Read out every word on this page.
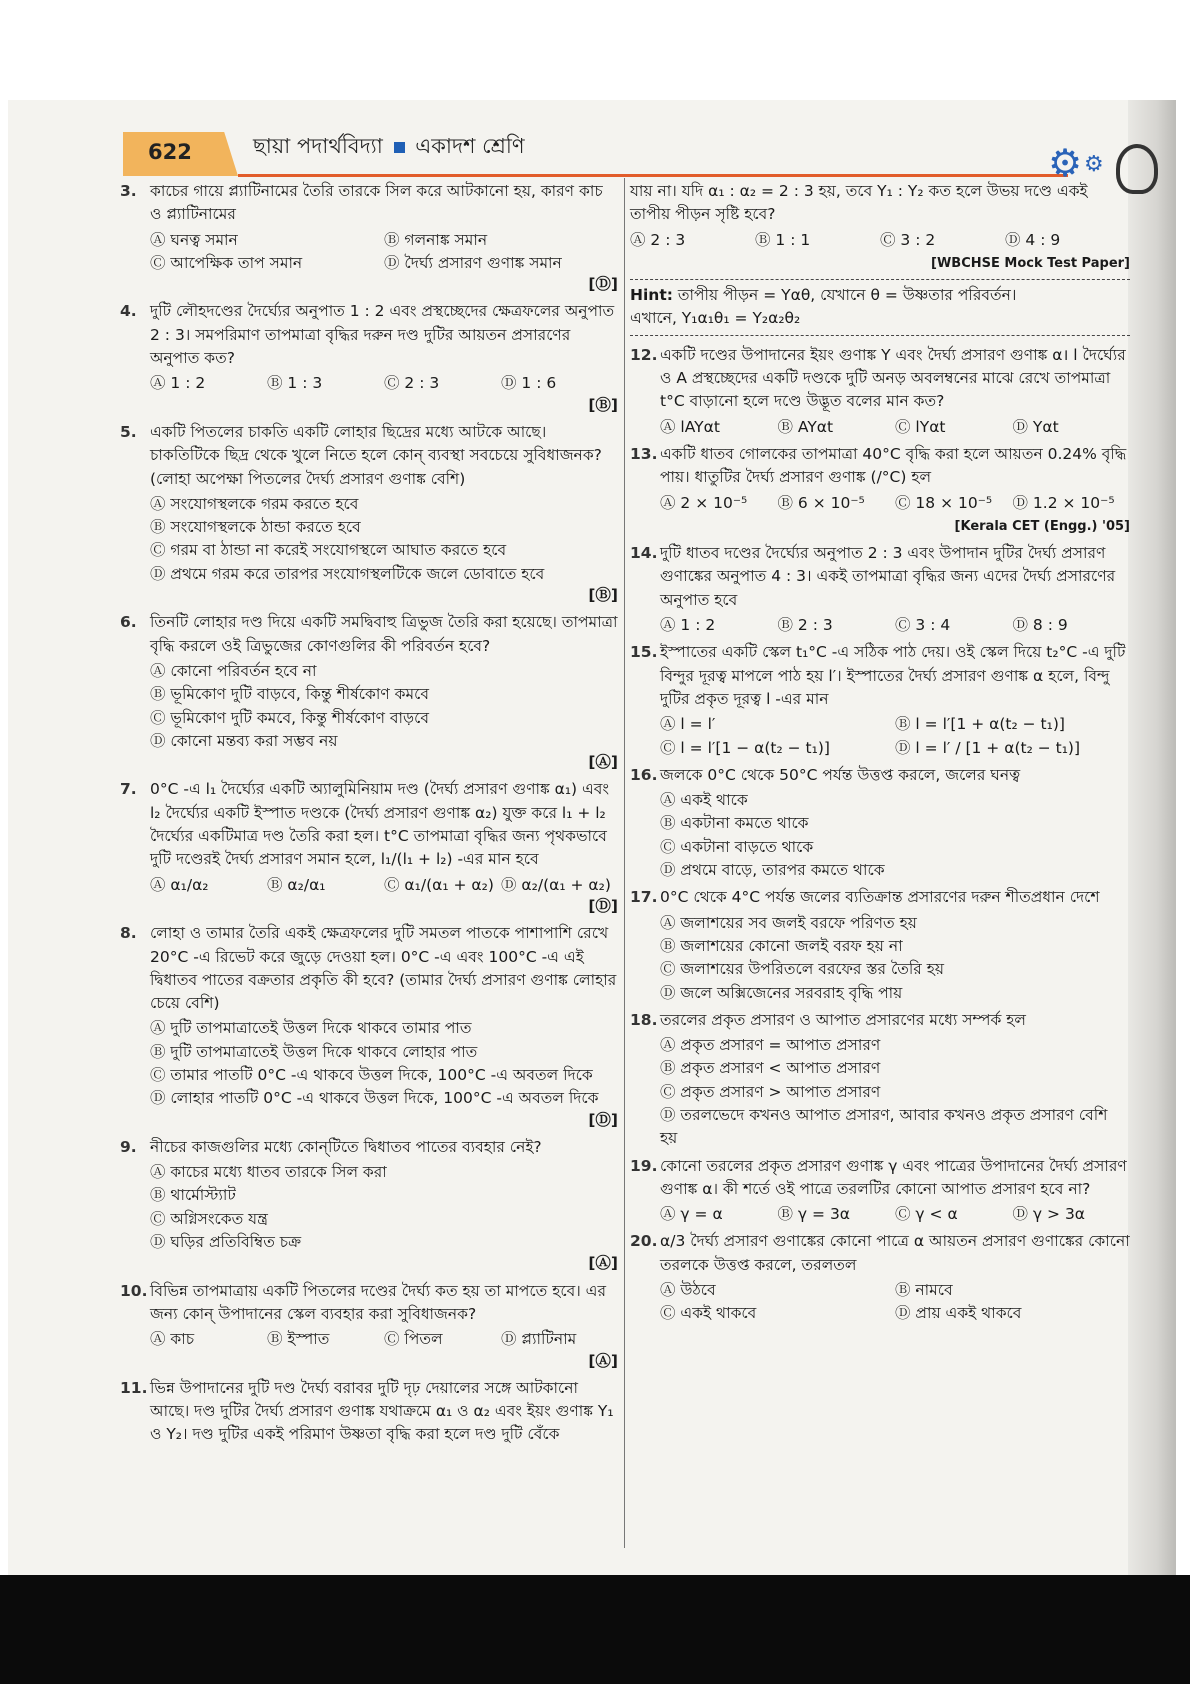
622	ছায়া পদার্থবিদ্যা একাদশ শ্রেণি	⚙ ⚙
3. কাচের গায়ে প্ল্যাটিনামের তৈরি তারকে সিল করে আটকানো হয়, কারণ কাচ ও প্ল্যাটিনামের
Ⓐ ঘনত্ব সমান	Ⓑ গলনাঙ্ক সমান
Ⓒ আপেক্ষিক তাপ সমান	Ⓓ দৈর্ঘ্য প্রসারণ গুণাঙ্ক সমান
[Ⓓ]
4. দুটি লৌহদণ্ডের দৈর্ঘ্যের অনুপাত 1 : 2 এবং প্রস্থচ্ছেদের ক্ষেত্রফলের অনুপাত 2 : 3। সমপরিমাণ তাপমাত্রা বৃদ্ধির দরুন দণ্ড দুটির আয়তন প্রসারণের অনুপাত কত?
Ⓐ 1 : 2	Ⓑ 1 : 3	Ⓒ 2 : 3	Ⓓ 1 : 6
[Ⓑ]
5. একটি পিতলের চাকতি একটি লোহার ছিদ্রের মধ্যে আটকে আছে। চাকতিটিকে ছিদ্র থেকে খুলে নিতে হলে কোন্ ব্যবস্থা সবচেয়ে সুবিধাজনক? (লোহা অপেক্ষা পিতলের দৈর্ঘ্য প্রসারণ গুণাঙ্ক বেশি)
Ⓐ সংযোগস্থলকে গরম করতে হবে
Ⓑ সংযোগস্থলকে ঠান্ডা করতে হবে
Ⓒ গরম বা ঠান্ডা না করেই সংযোগস্থলে আঘাত করতে হবে
Ⓓ প্রথমে গরম করে তারপর সংযোগস্থলটিকে জলে ডোবাতে হবে
[Ⓑ]
6. তিনটি লোহার দণ্ড দিয়ে একটি সমদ্বিবাহু ত্রিভুজ তৈরি করা হয়েছে। তাপমাত্রা বৃদ্ধি করলে ওই ত্রিভুজের কোণগুলির কী পরিবর্তন হবে?
Ⓐ কোনো পরিবর্তন হবে না
Ⓑ ভূমিকোণ দুটি বাড়বে, কিন্তু শীর্ষকোণ কমবে
Ⓒ ভূমিকোণ দুটি কমবে, কিন্তু শীর্ষকোণ বাড়বে
Ⓓ কোনো মন্তব্য করা সম্ভব নয়
[Ⓐ]
7. 0°C -এ l₁ দৈর্ঘ্যের একটি অ্যালুমিনিয়াম দণ্ড (দৈর্ঘ্য প্রসারণ গুণাঙ্ক α₁) এবং l₂ দৈর্ঘ্যের একটি ইস্পাত দণ্ডকে (দৈর্ঘ্য প্রসারণ গুণাঙ্ক α₂) যুক্ত করে l₁ + l₂ দৈর্ঘ্যের একটিমাত্র দণ্ড তৈরি করা হল। t°C তাপমাত্রা বৃদ্ধির জন্য পৃথকভাবে দুটি দণ্ডেরই দৈর্ঘ্য প্রসারণ সমান হলে, l₁/(l₁ + l₂) -এর মান হবে
Ⓐ α₁/α₂	Ⓑ α₂/α₁	Ⓒ α₁/(α₁ + α₂) Ⓓ α₂/(α₁ + α₂)
[Ⓓ]
8. লোহা ও তামার তৈরি একই ক্ষেত্রফলের দুটি সমতল পাতকে পাশাপাশি রেখে 20°C -এ রিভেট করে জুড়ে দেওয়া হল। 0°C -এ এবং 100°C -এ এই দ্বিধাতব পাতের বক্রতার প্রকৃতি কী হবে? (তামার দৈর্ঘ্য প্রসারণ গুণাঙ্ক লোহার চেয়ে বেশি)
Ⓐ দুটি তাপমাত্রাতেই উত্তল দিকে থাকবে তামার পাত
Ⓑ দুটি তাপমাত্রাতেই উত্তল দিকে থাকবে লোহার পাত
Ⓒ তামার পাতটি 0°C -এ থাকবে উত্তল দিকে, 100°C -এ অবতল দিকে
Ⓓ লোহার পাতটি 0°C -এ থাকবে উত্তল দিকে, 100°C -এ অবতল দিকে
[Ⓓ]
9. নীচের কাজগুলির মধ্যে কোন্‌টিতে দ্বিধাতব পাতের ব্যবহার নেই?
Ⓐ কাচের মধ্যে ধাতব তারকে সিল করা
Ⓑ থার্মোস্ট্যাট
Ⓒ অগ্নিসংকেত যন্ত্র
Ⓓ ঘড়ির প্রতিবিম্বিত চক্র
[Ⓐ]
10. বিভিন্ন তাপমাত্রায় একটি পিতলের দণ্ডের দৈর্ঘ্য কত হয় তা মাপতে হবে। এর জন্য কোন্ উপাদানের স্কেল ব্যবহার করা সুবিধাজনক?
Ⓐ কাচ	Ⓑ ইস্পাত	Ⓒ পিতল	Ⓓ প্ল্যাটিনাম
[Ⓐ]
11. ভিন্ন উপাদানের দুটি দণ্ড দৈর্ঘ্য বরাবর দুটি দৃঢ় দেয়ালের সঙ্গে আটকানো আছে। দণ্ড দুটির দৈর্ঘ্য প্রসারণ গুণাঙ্ক যথাক্রমে α₁ ও α₂ এবং ইয়ং গুণাঙ্ক Y₁ ও Y₂। দণ্ড দুটির একই পরিমাণ উষ্ণতা বৃদ্ধি করা হলে দণ্ড দুটি বেঁকে
যায় না। যদি α₁ : α₂ = 2 : 3 হয়, তবে Y₁ : Y₂ কত হলে উভয় দণ্ডে একই তাপীয় পীড়ন সৃষ্টি হবে?
Ⓐ 2 : 3	Ⓑ 1 : 1	Ⓒ 3 : 2	Ⓓ 4 : 9
[WBCHSE Mock Test Paper]
Hint: তাপীয় পীড়ন = Yαθ, যেখানে θ = উষ্ণতার পরিবর্তন।
এখানে, Y₁α₁θ₁ = Y₂α₂θ₂
12. একটি দণ্ডের উপাদানের ইয়ং গুণাঙ্ক Y এবং দৈর্ঘ্য প্রসারণ গুণাঙ্ক α। l দৈর্ঘ্যের ও A প্রস্থচ্ছেদের একটি দণ্ডকে দুটি অনড় অবলম্বনের মাঝে রেখে তাপমাত্রা t°C বাড়ানো হলে দণ্ডে উদ্ভূত বলের মান কত?
Ⓐ lAYαt	Ⓑ AYαt	Ⓒ lYαt	Ⓓ Yαt
13. একটি ধাতব গোলকের তাপমাত্রা 40°C বৃদ্ধি করা হলে আয়তন 0.24% বৃদ্ধি পায়। ধাতুটির দৈর্ঘ্য প্রসারণ গুণাঙ্ক (/°C) হল
Ⓐ 2 × 10⁻⁵	Ⓑ 6 × 10⁻⁵	Ⓒ 18 × 10⁻⁵	Ⓓ 1.2 × 10⁻⁵
[Kerala CET (Engg.) '05]
14. দুটি ধাতব দণ্ডের দৈর্ঘ্যের অনুপাত 2 : 3 এবং উপাদান দুটির দৈর্ঘ্য প্রসারণ গুণাঙ্কের অনুপাত 4 : 3। একই তাপমাত্রা বৃদ্ধির জন্য এদের দৈর্ঘ্য প্রসারণের অনুপাত হবে
Ⓐ 1 : 2	Ⓑ 2 : 3	Ⓒ 3 : 4	Ⓓ 8 : 9
15. ইস্পাতের একটি স্কেল t₁°C -এ সঠিক পাঠ দেয়। ওই স্কেল দিয়ে t₂°C -এ দুটি বিন্দুর দূরত্ব মাপলে পাঠ হয় l′। ইস্পাতের দৈর্ঘ্য প্রসারণ গুণাঙ্ক α হলে, বিন্দু দুটির প্রকৃত দূরত্ব l -এর মান
Ⓐ l = l′	Ⓑ l = l′[1 + α(t₂ − t₁)]
Ⓒ l = l′[1 − α(t₂ − t₁)]	Ⓓ l = l′ / [1 + α(t₂ − t₁)]
16. জলকে 0°C থেকে 50°C পর্যন্ত উত্তপ্ত করলে, জলের ঘনত্ব
Ⓐ একই থাকে
Ⓑ একটানা কমতে থাকে
Ⓒ একটানা বাড়তে থাকে
Ⓓ প্রথমে বাড়ে, তারপর কমতে থাকে
17. 0°C থেকে 4°C পর্যন্ত জলের ব্যতিক্রান্ত প্রসারণের দরুন শীতপ্রধান দেশে
Ⓐ জলাশয়ের সব জলই বরফে পরিণত হয়
Ⓑ জলাশয়ের কোনো জলই বরফ হয় না
Ⓒ জলাশয়ের উপরিতলে বরফের স্তর তৈরি হয়
Ⓓ জলে অক্সিজেনের সরবরাহ বৃদ্ধি পায়
18. তরলের প্রকৃত প্রসারণ ও আপাত প্রসারণের মধ্যে সম্পর্ক হল
Ⓐ প্রকৃত প্রসারণ = আপাত প্রসারণ
Ⓑ প্রকৃত প্রসারণ < আপাত প্রসারণ
Ⓒ প্রকৃত প্রসারণ > আপাত প্রসারণ
Ⓓ তরলভেদে কখনও আপাত প্রসারণ, আবার কখনও প্রকৃত প্রসারণ বেশি হয়
19. কোনো তরলের প্রকৃত প্রসারণ গুণাঙ্ক γ এবং পাত্রের উপাদানের দৈর্ঘ্য প্রসারণ গুণাঙ্ক α। কী শর্তে ওই পাত্রে তরলটির কোনো আপাত প্রসারণ হবে না?
Ⓐ γ = α	Ⓑ γ = 3α	Ⓒ γ < α	Ⓓ γ > 3α
20. α/3 দৈর্ঘ্য প্রসারণ গুণাঙ্কের কোনো পাত্রে α আয়তন প্রসারণ গুণাঙ্কের কোনো তরলকে উত্তপ্ত করলে, তরলতল
Ⓐ উঠবে	Ⓑ নামবে
Ⓒ একই থাকবে	Ⓓ প্রায় একই থাকবে
